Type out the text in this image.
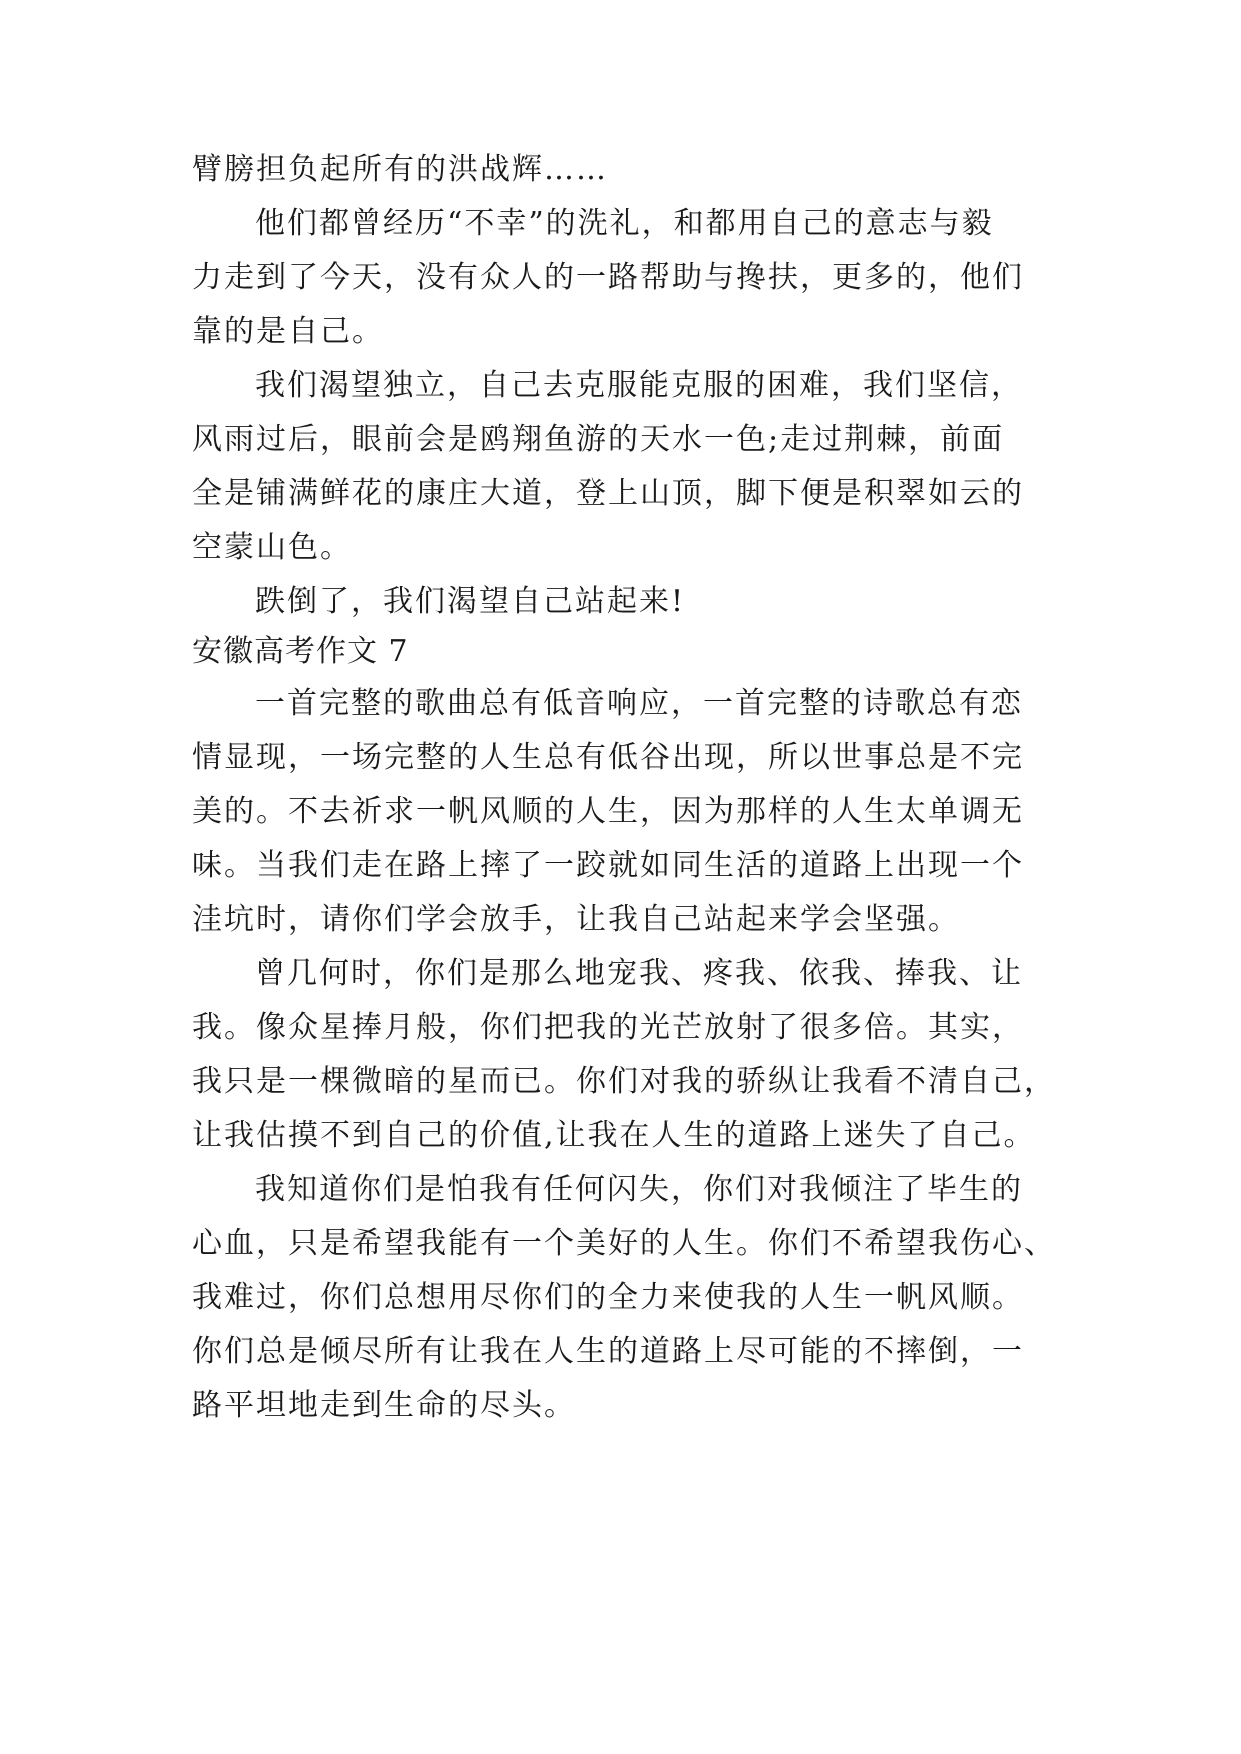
臂膀担负起所有的洪战辉……
他们都曾经历“不幸”的洗礼，和都用自己的意志与毅
力走到了今天，没有众人的一路帮助与搀扶，更多的，他们
靠的是自己。
我们渴望独立，自己去克服能克服的困难，我们坚信，
风雨过后，眼前会是鸥翔鱼游的天水一色;走过荆棘，前面
全是铺满鲜花的康庄大道，登上山顶，脚下便是积翠如云的
空蒙山色。
跌倒了，我们渴望自己站起来!
安徽高考作文 7
一首完整的歌曲总有低音响应，一首完整的诗歌总有恋
情显现，一场完整的人生总有低谷出现，所以世事总是不完
美的。不去祈求一帆风顺的人生，因为那样的人生太单调无
味。当我们走在路上摔了一跤就如同生活的道路上出现一个
洼坑时，请你们学会放手，让我自己站起来学会坚强。
曾几何时，你们是那么地宠我、疼我、依我、捧我、让
我。像众星捧月般，你们把我的光芒放射了很多倍。其实，
我只是一棵微暗的星而已。你们对我的骄纵让我看不清自己，
让我估摸不到自己的价值,让我在人生的道路上迷失了自己。
我知道你们是怕我有任何闪失，你们对我倾注了毕生的
心血，只是希望我能有一个美好的人生。你们不希望我伤心、
我难过，你们总想用尽你们的全力来使我的人生一帆风顺。
你们总是倾尽所有让我在人生的道路上尽可能的不摔倒，一
路平坦地走到生命的尽头。
